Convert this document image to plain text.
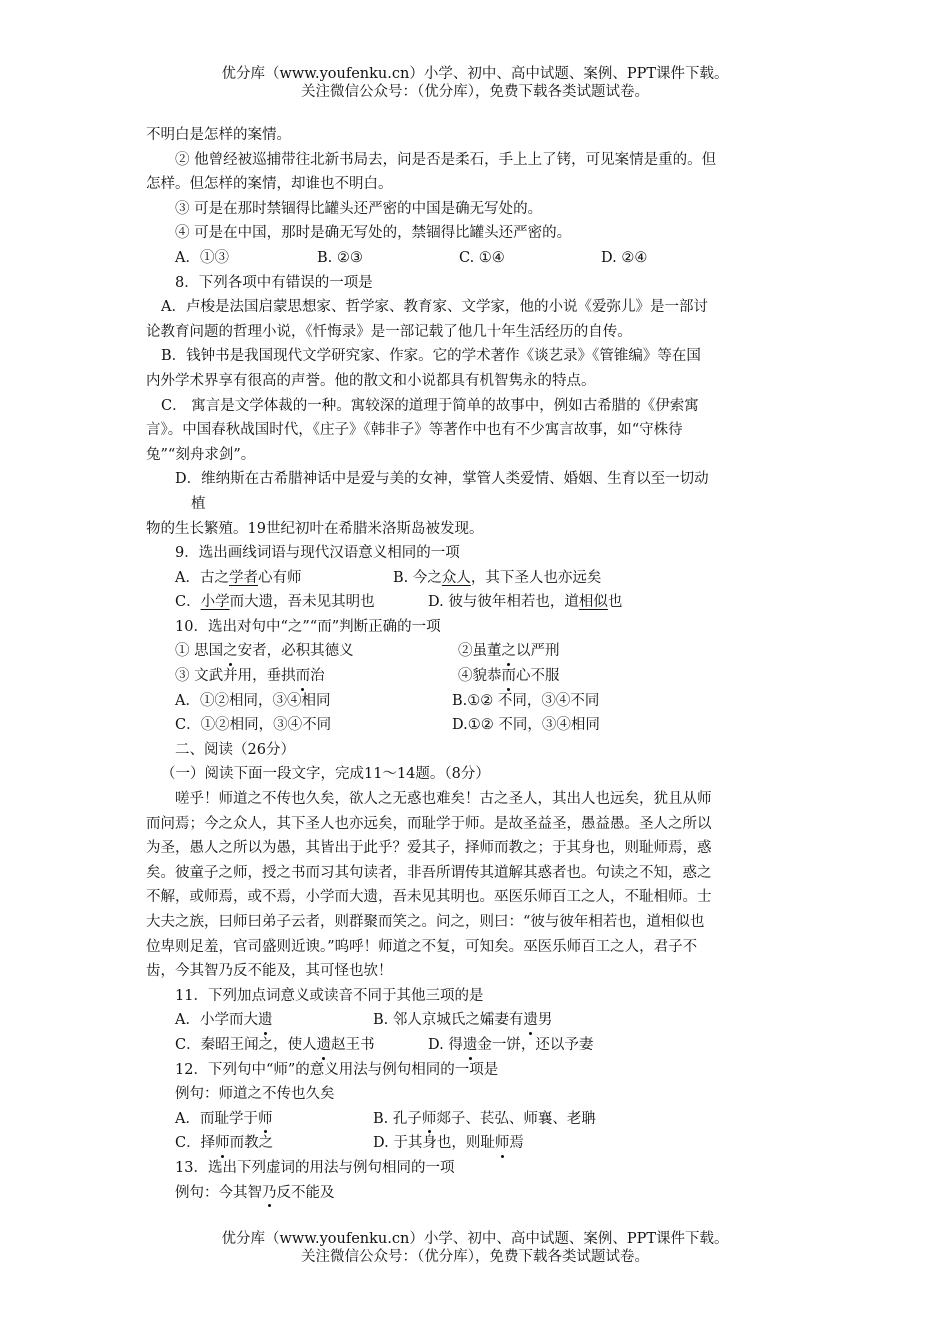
优分库（www.youfenku.cn）小学、初中、高中试题、案例、PPT课件下载。
关注微信公众号：（优分库），免费下载各类试题试卷。
不明白是怎样的案情。
② 他曾经被巡捕带往北新书局去，问是否是柔石，手上上了铐，可见案情是重的。但
怎样。但怎样的案情，却谁也不明白。
③ 可是在那时禁锢得比罐头还严密的中国是确无写处的。
④ 可是在中国，那时是确无写处的，禁锢得比罐头还严密的。
A．①③	B. ②③	C. ①④	D. ②④
8．下列各项中有错误的一项是
A．卢梭是法国启蒙思想家、哲学家、教育家、文学家，他的小说《爱弥儿》是一部讨
论教育问题的哲理小说，《忏悔录》是一部记载了他几十年生活经历的自传。
B．钱钟书是我国现代文学研究家、作家。它的学术著作《谈艺录》《管锥编》等在国
内外学术界享有很高的声誉。他的散文和小说都具有机智隽永的特点。
C． 寓言是文学体裁的一种。寓较深的道理于简单的故事中，例如古希腊的《伊索寓
言》。中国春秋战国时代，《庄子》《韩非子》等著作中也有不少寓言故事，如“守株待
兔”“刻舟求剑”。
D．维纳斯在古希腊神话中是爱与美的女神，掌管人类爱情、婚姻、生育以至一切动
植
物的生长繁殖。19世纪初叶在希腊米洛斯岛被发现。
9．选出画线词语与现代汉语意义相同的一项
A．古之学者心有师	B. 今之众人，其下圣人也亦远矣
C．小学而大遗，吾未见其明也	D. 彼与彼年相若也，道相似也
10．选出对句中“之”“而”判断正确的一项
① 思国之安者，必积其德义	②虽董之以严刑
③ 文武并用，垂拱而治	④貌恭而心不服
A．①②相同，③④相同	B.①② 不同，③④不同
C．①②相同，③④不同	D.①② 不同，③④相同
二、阅读（26分）
（一）阅读下面一段文字，完成11～14题。（8分）
嗟乎！师道之不传也久矣，欲人之无惑也难矣！古之圣人，其出人也远矣，犹且从师
而问焉；今之众人，其下圣人也亦远矣，而耻学于师。是故圣益圣，愚益愚。圣人之所以
为圣，愚人之所以为愚，其皆出于此乎？爱其子，择师而教之；于其身也，则耻师焉，惑
矣。彼童子之师，授之书而习其句读者，非吾所谓传其道解其惑者也。句读之不知，惑之
不解，或师焉，或不焉，小学而大遗，吾未见其明也。巫医乐师百工之人，不耻相师。士
大夫之族，曰师曰弟子云者，则群聚而笑之。问之，则曰：“彼与彼年相若也，道相似也
位卑则足羞，官司盛则近谀。”呜呼！师道之不复，可知矣。巫医乐师百工之人，君子不
齿，今其智乃反不能及，其可怪也欤！
11．下列加点词意义或读音不同于其他三项的是
A．小学而大遗	B. 邻人京城氏之孀妻有遗男
C．秦昭王闻之，使人遗赵王书	D. 得遗金一饼，还以予妻
12．下列句中“师”的意义用法与例句相同的一项是
例句：师道之不传也久矣
A．而耻学于师	B. 孔子师郯子、苌弘、师襄、老聃
C．择师而教之	D. 于其身也，则耻师焉
13．选出下列虚词的用法与例句相同的一项
例句：今其智乃反不能及
优分库（www.youfenku.cn）小学、初中、高中试题、案例、PPT课件下载。
关注微信公众号：（优分库），免费下载各类试题试卷。
